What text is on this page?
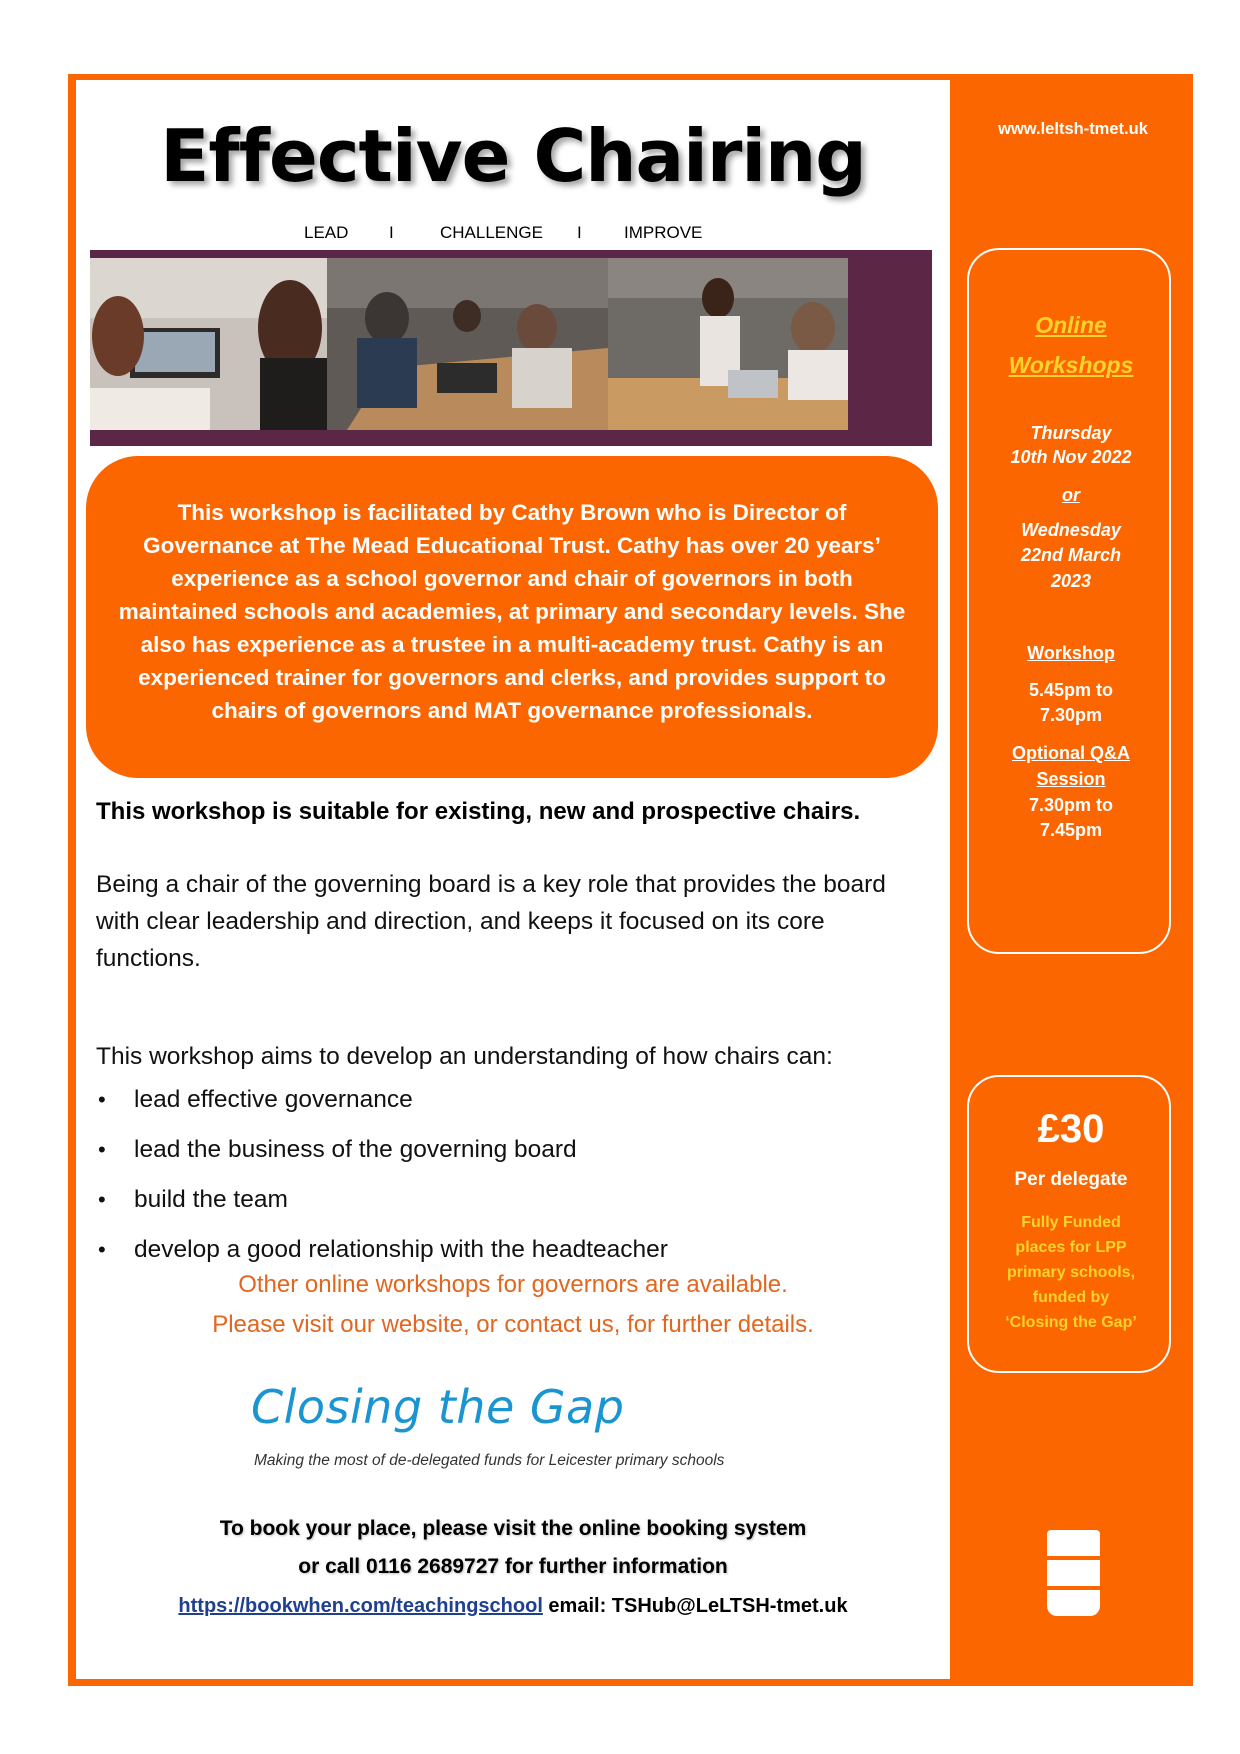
Effective Chairing
LEAD I	CHALLENGE I IMPROVE

This workshop is facilitated by Cathy Brown who is Director of Governance at The Mead Educational Trust. Cathy has over 20 years’ experience as a school governor and chair of governors in both maintained schools and academies, at primary and secondary levels. She also has experience as a trustee in a multi-academy trust. Cathy is an experienced trainer for governors and clerks, and provides support to chairs of governors and MAT governance professionals.

This workshop is suitable for existing, new and prospective chairs.

Being a chair of the governing board is a key role that provides the board with clear leadership and direction, and keeps it focused on its core functions.

This workshop aims to develop an understanding of how chairs can:

• lead effective governance
• lead the business of the governing board
• build the team
• develop a good relationship with the headteacher

Other online workshops for governors are available.

Please visit our website, or contact us, for further details.

Closing the Gap
Making the most of de-delegated funds for Leicester primary schools

To book your place, please visit the online booking system

or call 0116 2689727 for further information

https://bookwhen.com/teachingschool email: TSHub@LeLTSH-tmet.uk

www.leltsh-tmet.uk
Online
Workshops
Thursday
10th Nov 2022
or
Wednesday
22nd March
2023
Workshop
5.45pm to
7.30pm
Optional Q&A
Session
7.30pm to
7.45pm
£30
Per delegate
Fully Funded
places for LPP
primary schools,
funded by
‘Closing the Gap’
